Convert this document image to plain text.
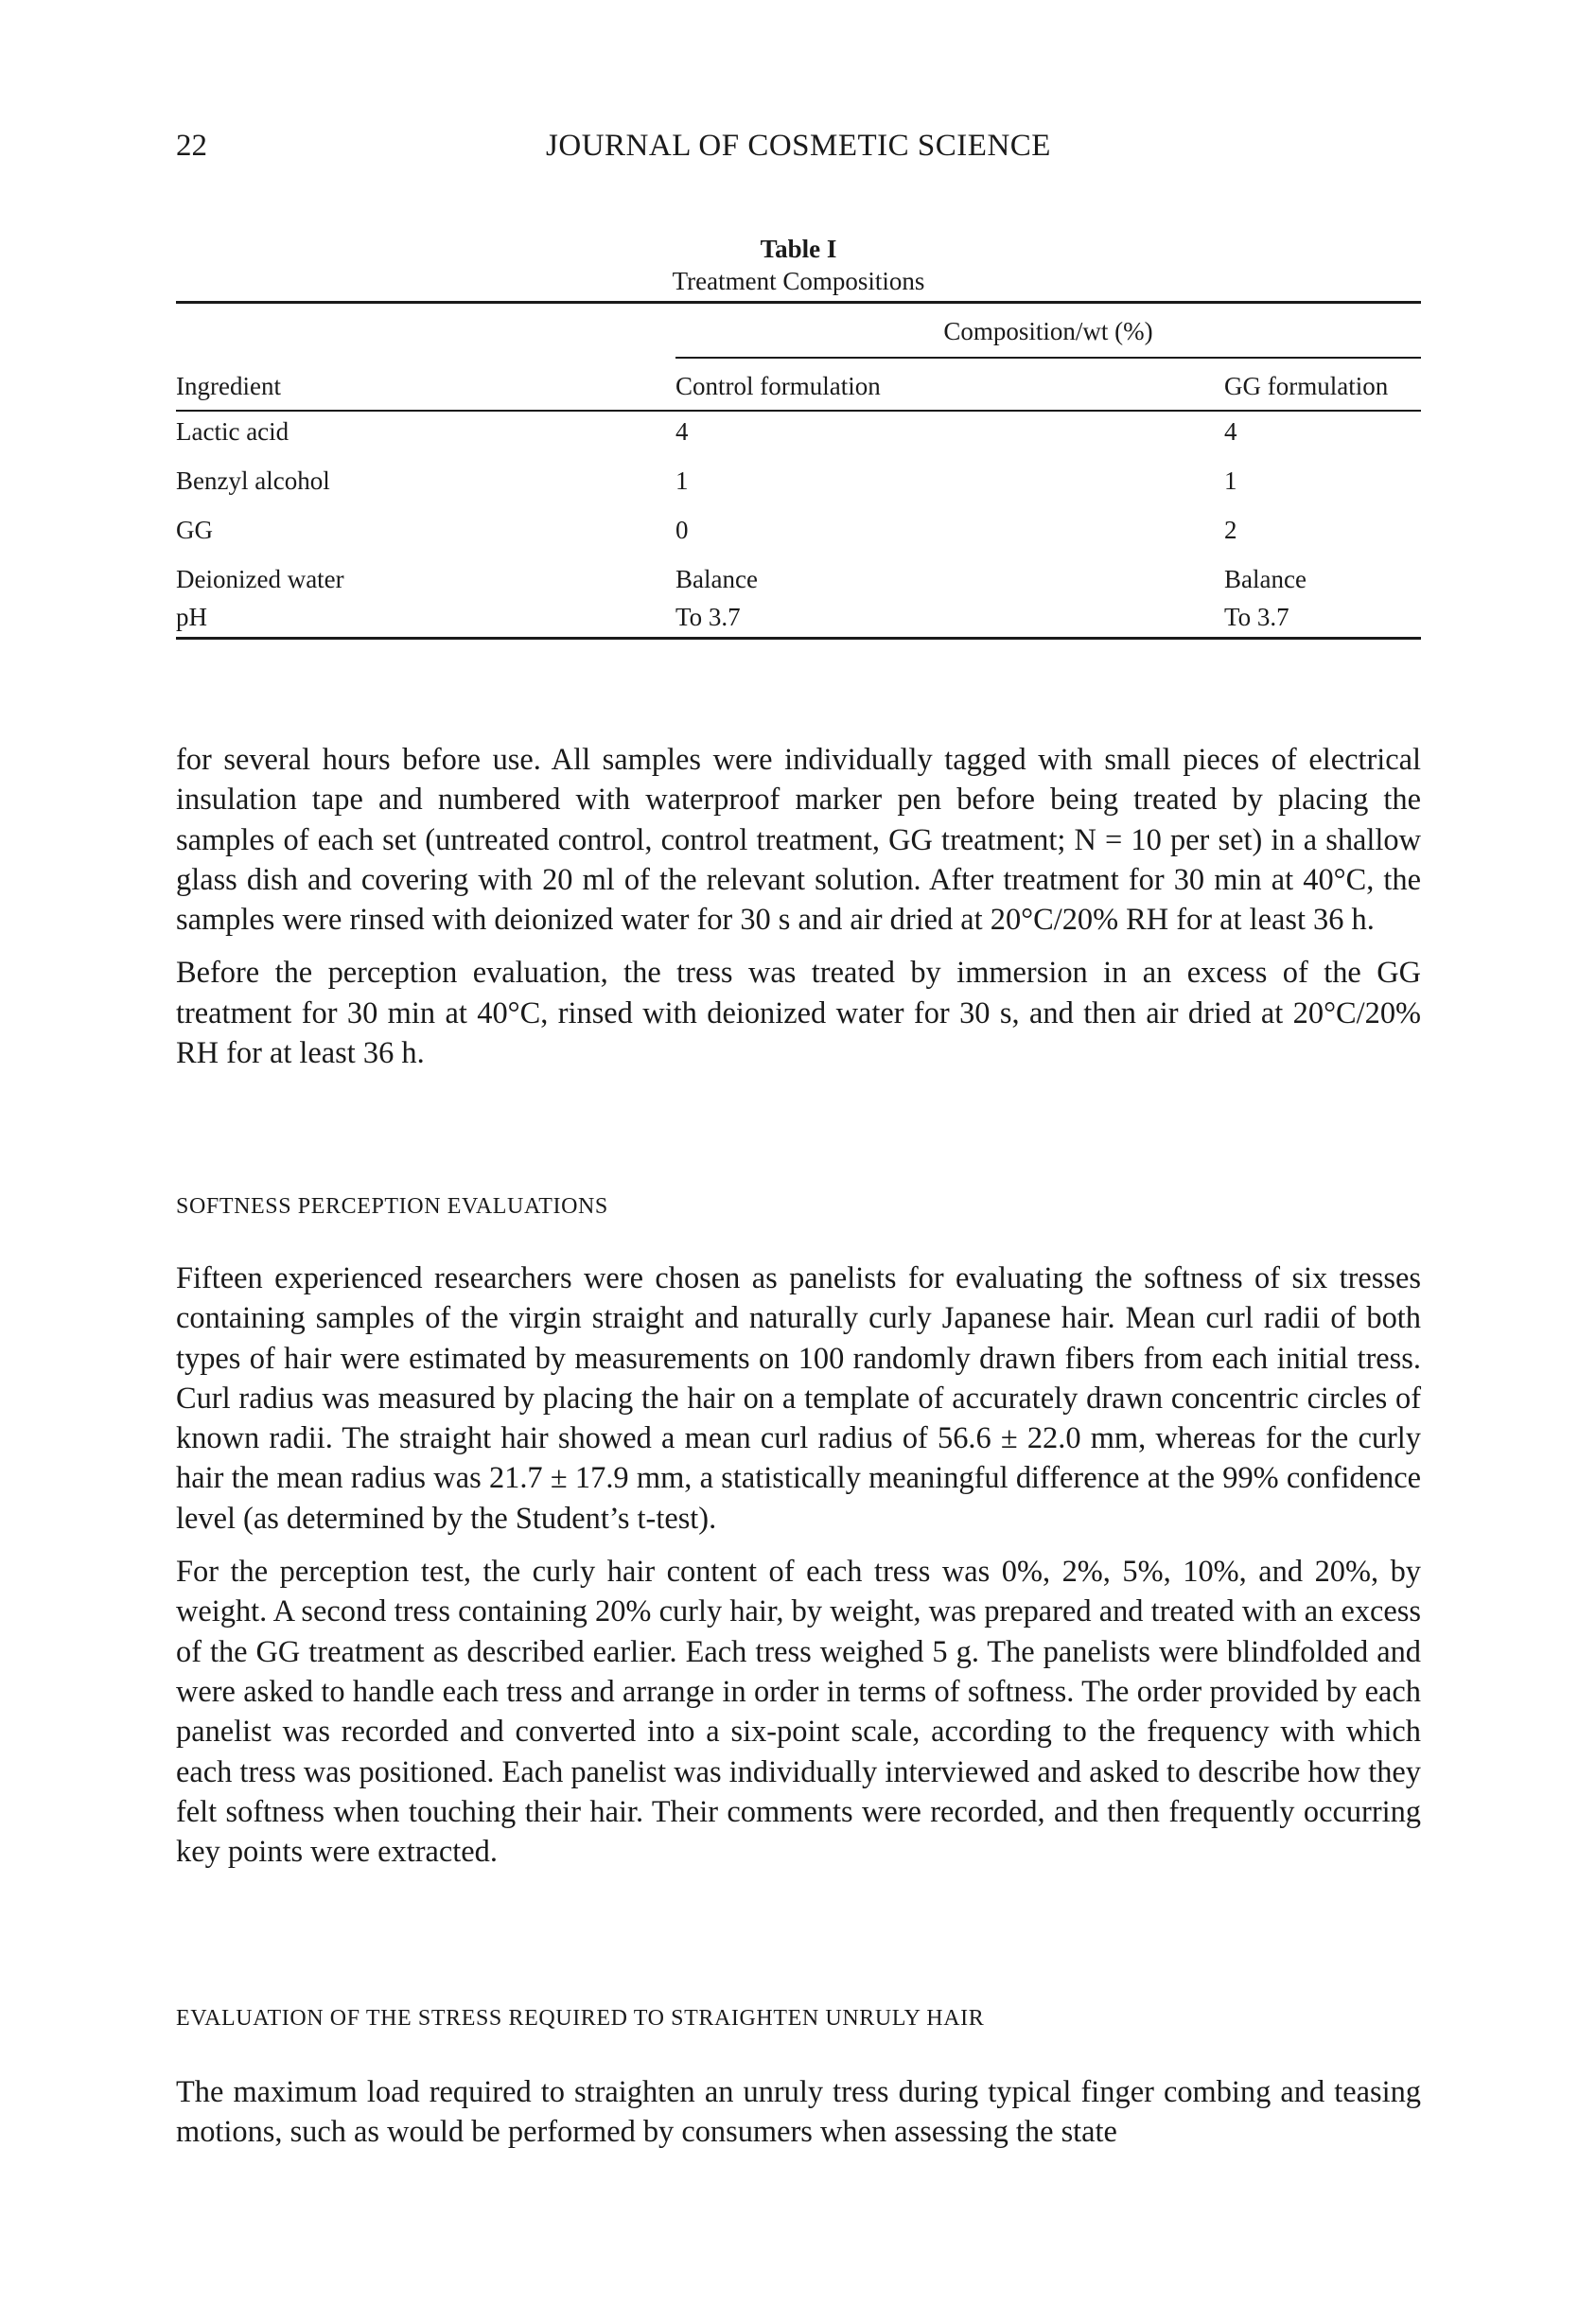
22	JOURNAL OF COSMETIC SCIENCE
Table I
Treatment Compositions
Composition/wt (%)
Ingredient	Control formulation	GG formulation
Lactic acid	4	4
Benzyl alcohol	1	1
GG	0	2
Deionized water	Balance	Balance
pH	To 3.7	To 3.7

for several hours before use. All samples were individually tagged with small pieces of electrical insulation tape and numbered with waterproof marker pen before being treated by placing the samples of each set (untreated control, control treatment, GG treatment; N = 10 per set) in a shallow glass dish and covering with 20 ml of the relevant solution. After treatment for 30 min at 40°C, the samples were rinsed with deionized water for 30 s and air dried at 20°C/20% RH for at least 36 h.

Before the perception evaluation, the tress was treated by immersion in an excess of the GG treatment for 30 min at 40°C, rinsed with deionized water for 30 s, and then air dried at 20°C/20% RH for at least 36 h.

SOFTNESS PERCEPTION EVALUATIONS

Fifteen experienced researchers were chosen as panelists for evaluating the softness of six tresses containing samples of the virgin straight and naturally curly Japanese hair. Mean curl radii of both types of hair were estimated by measurements on 100 randomly drawn fibers from each initial tress. Curl radius was measured by placing the hair on a template of accurately drawn concentric circles of known radii. The straight hair showed a mean curl radius of 56.6 ± 22.0 mm, whereas for the curly hair the mean radius was 21.7 ± 17.9 mm, a statistically meaningful difference at the 99% confidence level (as determined by the Student’s t-test).

For the perception test, the curly hair content of each tress was 0%, 2%, 5%, 10%, and 20%, by weight. A second tress containing 20% curly hair, by weight, was prepared and treated with an excess of the GG treatment as described earlier. Each tress weighed 5 g. The panelists were blindfolded and were asked to handle each tress and arrange in order in terms of softness. The order provided by each panelist was recorded and converted into a six-point scale, according to the frequency with which each tress was positioned. Each panelist was individually interviewed and asked to describe how they felt softness when touching their hair. Their comments were recorded, and then frequently occurring key points were extracted.

EVALUATION OF THE STRESS REQUIRED TO STRAIGHTEN UNRULY HAIR

The maximum load required to straighten an unruly tress during typical finger combing and teasing motions, such as would be performed by consumers when assessing the state
